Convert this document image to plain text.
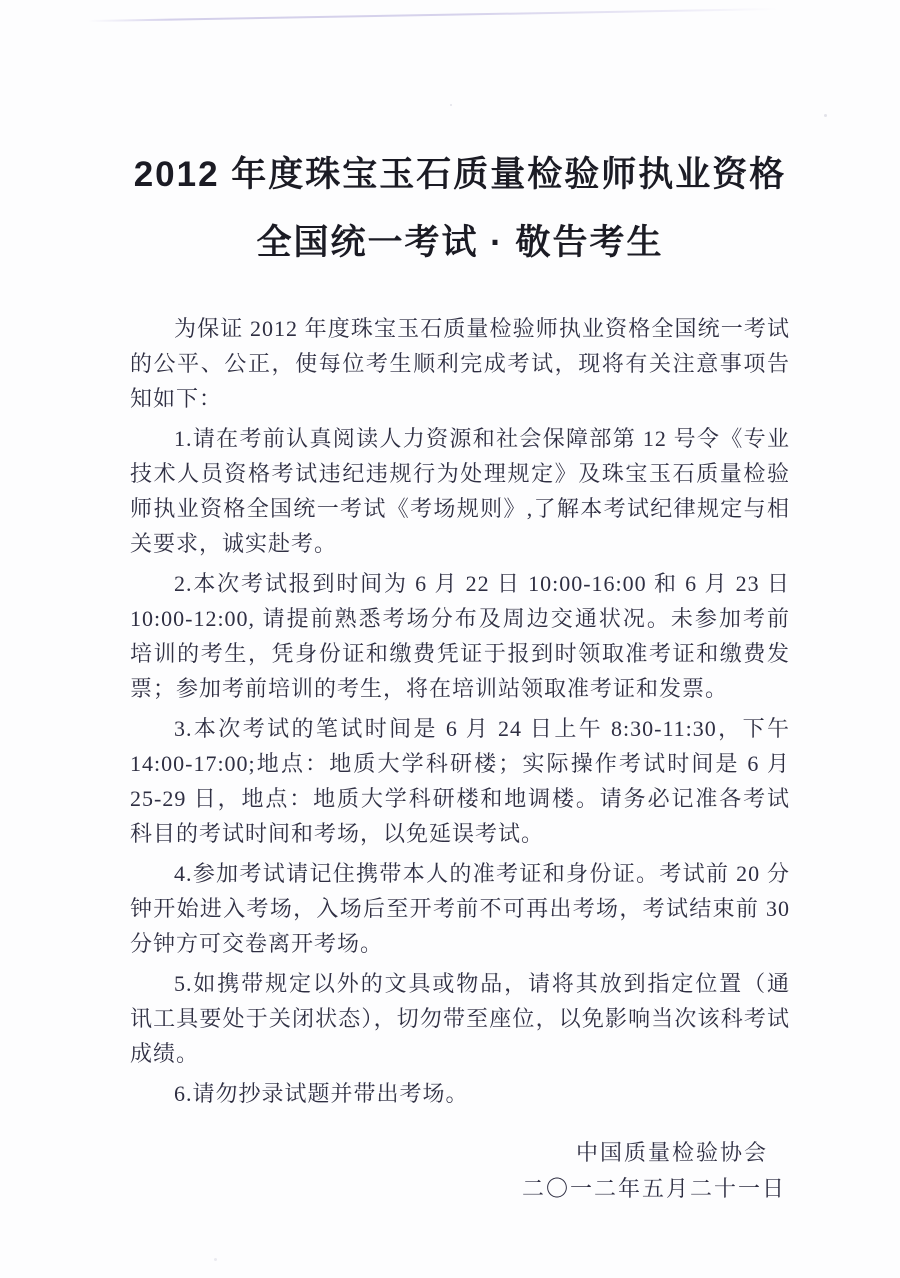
2012 年度珠宝玉石质量检验师执业资格
全国统一考试 · 敬告考生

为保证 2012 年度珠宝玉石质量检验师执业资格全国统一考试的公平、公正，使每位考生顺利完成考试，现将有关注意事项告知如下：

1.请在考前认真阅读人力资源和社会保障部第 12 号令《专业技术人员资格考试违纪违规行为处理规定》及珠宝玉石质量检验师执业资格全国统一考试《考场规则》,了解本考试纪律规定与相关要求，诚实赴考。

2.本次考试报到时间为 6 月 22 日 10:00-16:00 和 6 月 23 日 10:00-12:00, 请提前熟悉考场分布及周边交通状况。未参加考前培训的考生，凭身份证和缴费凭证于报到时领取准考证和缴费发票；参加考前培训的考生，将在培训站领取准考证和发票。

3.本次考试的笔试时间是 6 月 24 日上午 8:30-11:30，下午 14:00-17:00;地点：地质大学科研楼；实际操作考试时间是 6 月 25-29 日，地点：地质大学科研楼和地调楼。请务必记准各考试科目的考试时间和考场，以免延误考试。

4.参加考试请记住携带本人的准考证和身份证。考试前 20 分钟开始进入考场，入场后至开考前不可再出考场，考试结束前 30 分钟方可交卷离开考场。

5.如携带规定以外的文具或物品，请将其放到指定位置（通讯工具要处于关闭状态），切勿带至座位，以免影响当次该科考试成绩。

6.请勿抄录试题并带出考场。

中国质量检验协会
二〇一二年五月二十一日
